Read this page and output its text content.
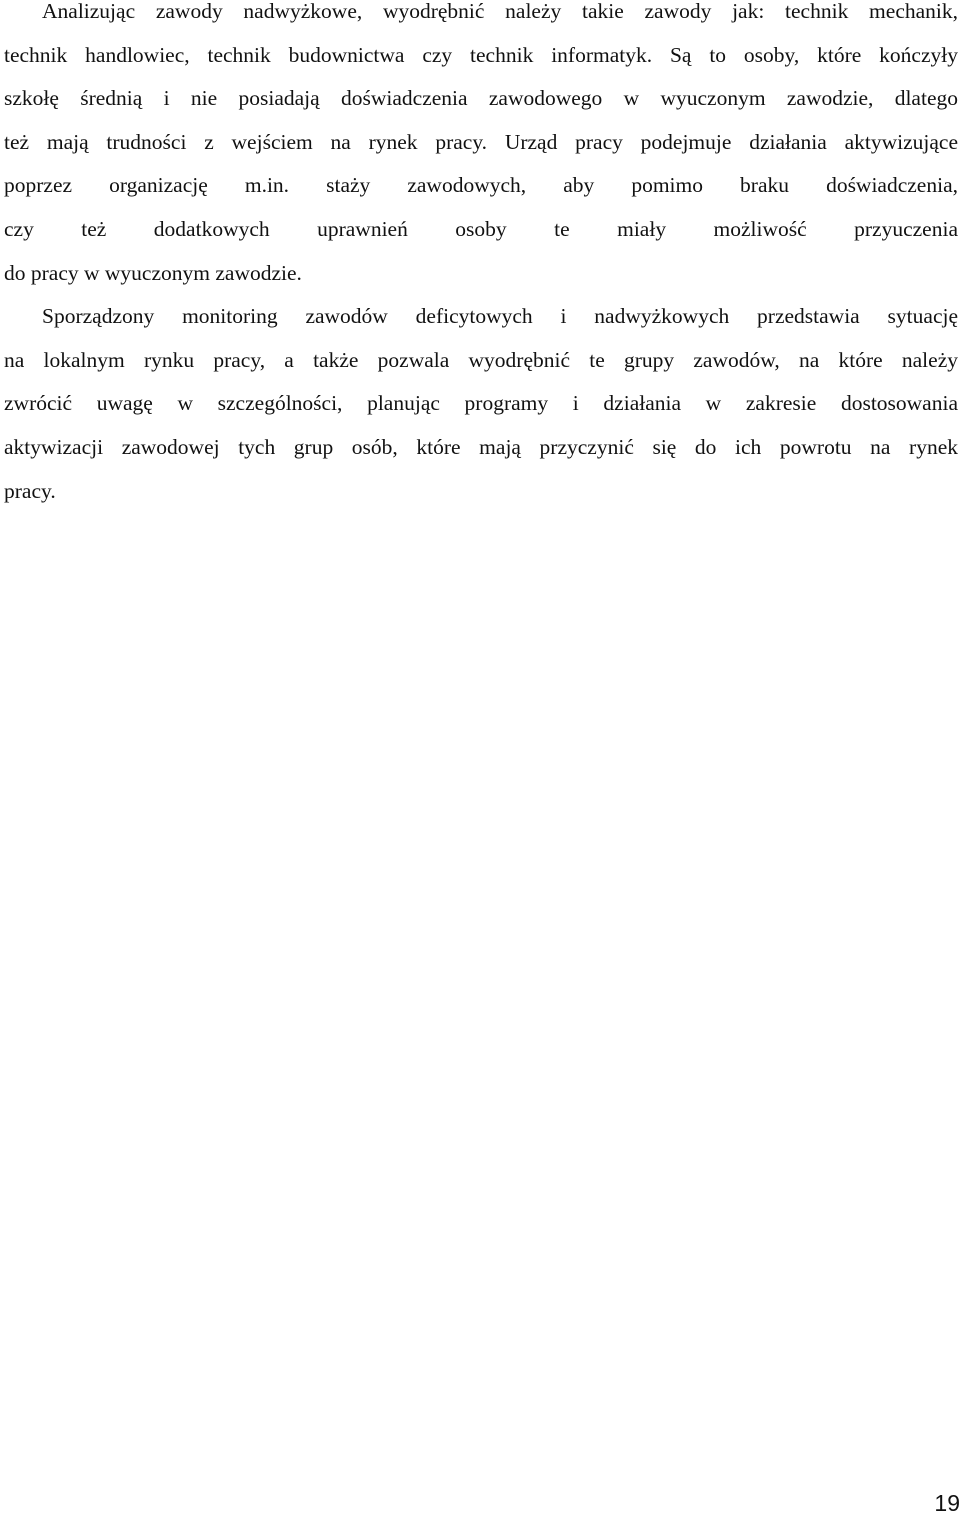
Analizując zawody nadwyżkowe, wyodrębnić należy takie zawody jak: technik mechanik,
technik handlowiec, technik budownictwa czy technik informatyk. Są to osoby, które kończyły
szkołę średnią i nie posiadają doświadczenia zawodowego w wyuczonym zawodzie, dlatego
też mają trudności z wejściem na rynek pracy. Urząd pracy podejmuje działania aktywizujące
poprzez organizację m.in. staży zawodowych, aby pomimo braku doświadczenia,
czy też dodatkowych uprawnień osoby te miały możliwość przyuczenia
do pracy w wyuczonym zawodzie.
Sporządzony monitoring zawodów deficytowych i nadwyżkowych przedstawia sytuację
na lokalnym rynku pracy, a także pozwala wyodrębnić te grupy zawodów, na które należy
zwrócić uwagę w szczególności, planując programy i działania w zakresie dostosowania
aktywizacji zawodowej tych grup osób, które mają przyczynić się do ich powrotu na rynek
pracy.
19
